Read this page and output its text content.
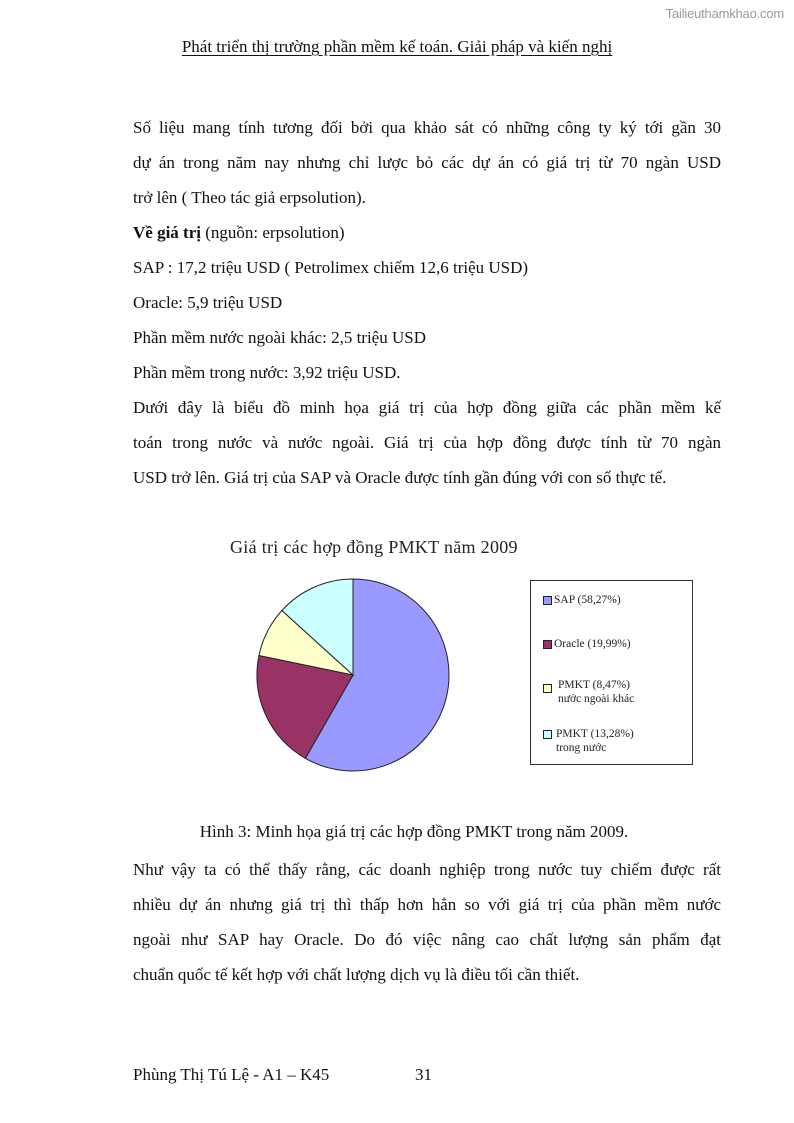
Tailieuthamkhao.com
Phát triển thị trường phần mềm kế toán. Giải pháp và kiến nghị

Số liệu mang tính tương đối bởi qua khảo sát có những công ty ký tới gần 30

dự án trong năm nay nhưng chỉ lược bỏ các dự án có giá trị từ 70 ngàn USD

trở lên ( Theo tác giả erpsolution).

Về giá trị (nguồn: erpsolution)

SAP : 17,2 triệu USD ( Petrolimex chiếm 12,6 triệu USD)

Oracle: 5,9 triệu USD

Phần mềm nước ngoài khác: 2,5 triệu USD

Phần mềm trong nước: 3,92 triệu USD.

Dưới đây là biểu đồ minh họa giá trị của hợp đồng giữa các phần mềm kế

toán trong nước và nước ngoài. Giá trị của hợp đồng được tính từ 70 ngàn

USD trở lên. Giá trị của SAP và Oracle được tính gần đúng với con số thực tế.

Giá trị các hợp đồng PMKT năm 2009
SAP (58,27%)
Oracle (19,99%)
PMKT (8,47%)
nước ngoài khác
PMKT (13,28%)
trong nước
Hình 3: Minh họa giá trị các hợp đồng PMKT trong năm 2009.

Như vậy ta có thể thấy rằng, các doanh nghiệp trong nước tuy chiếm được rất

nhiều dự án nhưng giá trị thì thấp hơn hẳn so với giá trị của phần mềm nước

ngoài như SAP hay Oracle. Do đó việc nâng cao chất lượng sản phẩm đạt

chuẩn quốc tế kết hợp với chất lượng dịch vụ là điều tối cần thiết.

Phùng Thị Tú Lệ - A1 – K45	31
